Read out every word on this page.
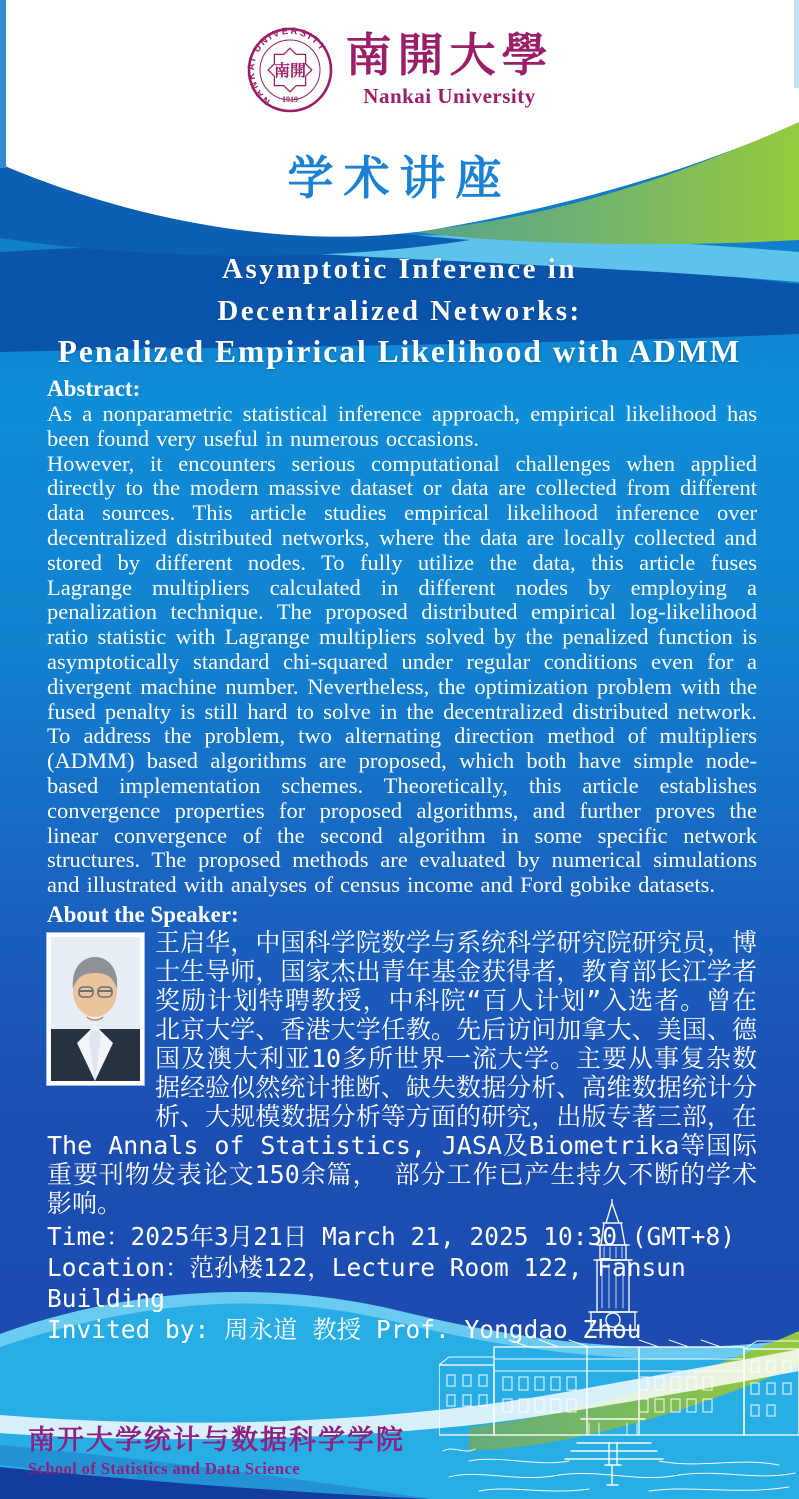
NANKAI UNIVERSITY
南開
1919
南開大學
Nankai University
学术讲座
Asymptotic Inference in
Decentralized Networks:
Penalized Empirical Likelihood with ADMM
Abstract:

As a nonparametric statistical inference approach, empirical likelihood has been found very useful in numerous occasions.

However, it encounters serious computational challenges when applied directly to the modern massive dataset or data are collected from different data sources. This article studies empirical likelihood inference over decentralized distributed networks, where the data are locally collected and stored by different nodes. To fully utilize the data, this article fuses Lagrange multipliers calculated in different nodes by employing a penalization technique. The proposed distributed empirical log-likelihood ratio statistic with Lagrange multipliers solved by the penalized function is asymptotically standard chi-squared under regular conditions even for a divergent machine number. Nevertheless, the optimization problem with the fused penalty is still hard to solve in the decentralized distributed network. To address the problem, two alternating direction method of multipliers (ADMM) based algorithms are proposed, which both have simple node-based implementation schemes. Theoretically, this article establishes convergence properties for proposed algorithms, and further proves the linear convergence of the second algorithm in some specific network structures. The proposed methods are evaluated by numerical simulations and illustrated with analyses of census income and Ford gobike datasets.

About the Speaker:
王启华，中国科学院数学与系统科学研究院研究员，博士生导师，国家杰出青年基金获得者，教育部长江学者奖励计划特聘教授，中科院“百人计划”入选者。曾在北京大学、香港大学任教。先后访问加拿大、美国、德国及澳大利亚10多所世界一流大学。主要从事复杂数据经验似然统计推断、缺失数据分析、高维数据统计分析、大规模数据分析等方面的研究，出版专著三部，在The Annals of Statistics, JASA及Biometrika等国际重要刊物发表论文150余篇， 部分工作已产生持久不断的学术影响。
Time：2025年3月21日 March 21, 2025 10:30 (GMT+8)
Location：范孙楼122，Lecture Room 122, Fansun Building
Invited by: 周永道 教授 Prof. Yongdao Zhou
南开大学统计与数据科学学院
School of Statistics and Data Science
